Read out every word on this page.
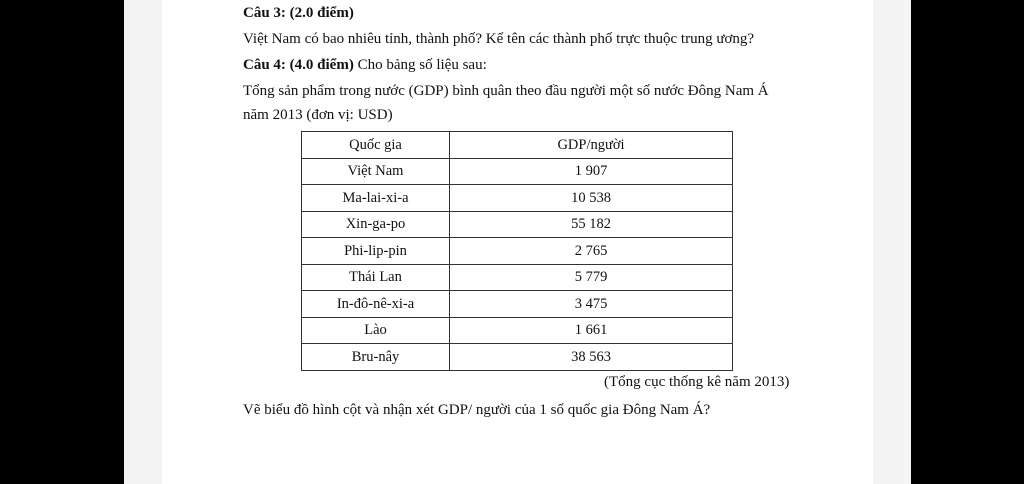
Câu 3: (2.0 điểm)
Việt Nam có bao nhiêu tỉnh, thành phố? Kể tên các thành phố trực thuộc trung ương?
Câu 4: (4.0 điểm) Cho bảng số liệu sau:
Tổng sản phẩm trong nước (GDP) bình quân theo đầu người một số nước Đông Nam Á
năm 2013 (đơn vị: USD)
Quốc gia	GDP/người
Việt Nam	1 907
Ma-lai-xi-a	10 538
Xin-ga-po	55 182
Phi-lip-pin	2 765
Thái Lan	5 779
In-đô-nê-xi-a	3 475
Lào	1 661
Bru-nây	38 563
(Tổng cục thống kê năm 2013)
Vẽ biểu đồ hình cột và nhận xét GDP/ người của 1 số quốc gia Đông Nam Á?
